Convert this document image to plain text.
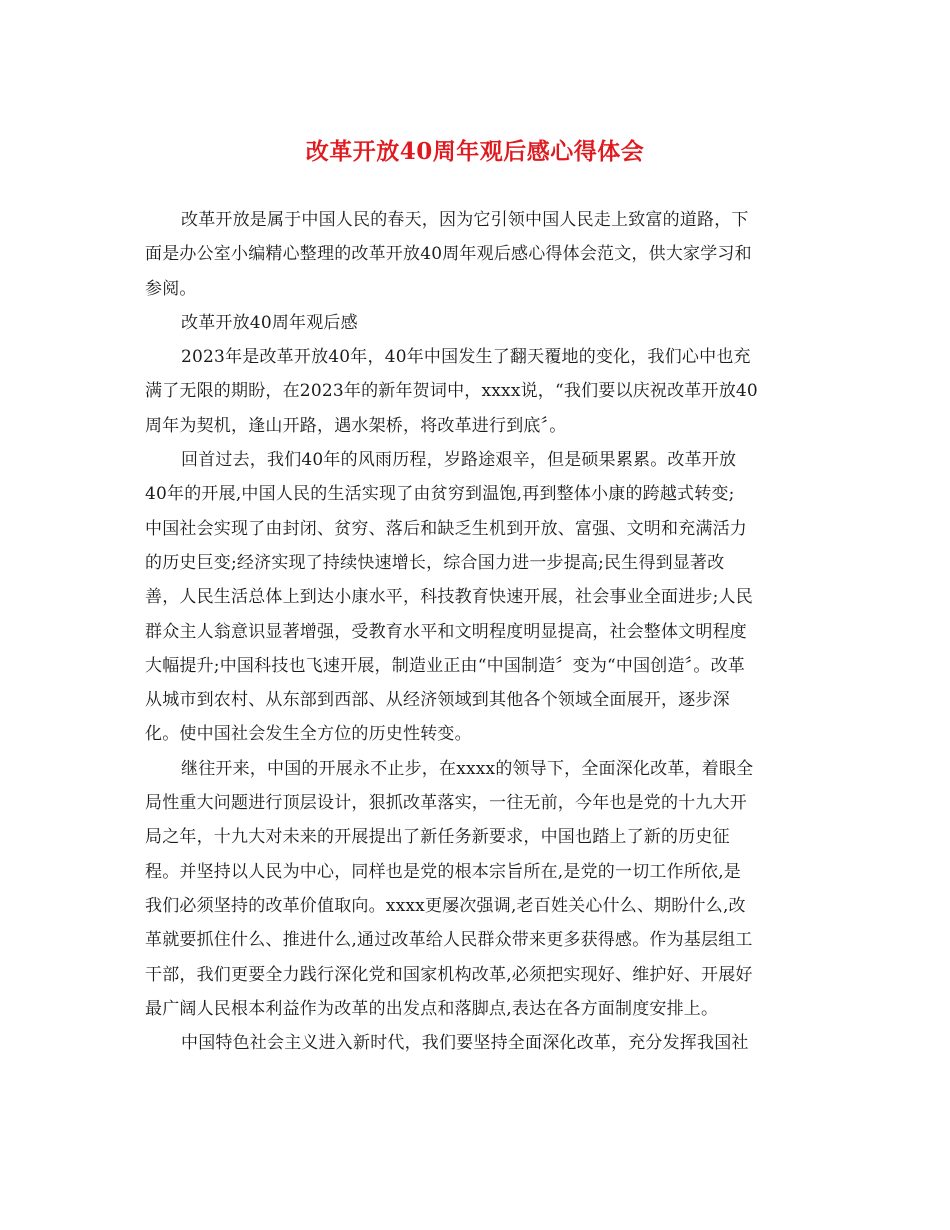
改革开放40周年观后感心得体会

改革开放是属于中国人民的春天，因为它引领中国人民走上致富的道路，下
面是办公室小编精心整理的改革开放40周年观后感心得体会范文，供大家学习和
参阅。

改革开放40周年观后感

2023年是改革开放40年，40年中国发生了翻天覆地的变化，我们心中也充
满了无限的期盼，在2023年的新年贺词中，xxxx说，“我们要以庆祝改革开放40
周年为契机，逢山开路，遇水架桥，将改革进行到底〞。

回首过去，我们40年的风雨历程，岁路途艰辛，但是硕果累累。改革开放
40年的开展,中国人民的生活实现了由贫穷到温饱,再到整体小康的跨越式转变;
中国社会实现了由封闭、贫穷、落后和缺乏生机到开放、富强、文明和充满活力
的历史巨变;经济实现了持续快速增长，综合国力进一步提高;民生得到显著改
善，人民生活总体上到达小康水平，科技教育快速开展，社会事业全面进步;人民
群众主人翁意识显著增强，受教育水平和文明程度明显提高，社会整体文明程度
大幅提升;中国科技也飞速开展，制造业正由“中国制造〞变为“中国创造〞。改革
从城市到农村、从东部到西部、从经济领域到其他各个领域全面展开，逐步深
化。使中国社会发生全方位的历史性转变。

继往开来，中国的开展永不止步，在xxxx的领导下，全面深化改革，着眼全
局性重大问题进行顶层设计，狠抓改革落实，一往无前，今年也是党的十九大开
局之年，十九大对未来的开展提出了新任务新要求，中国也踏上了新的历史征
程。并坚持以人民为中心，同样也是党的根本宗旨所在,是党的一切工作所依,是
我们必须坚持的改革价值取向。xxxx更屡次强调,老百姓关心什么、期盼什么,改
革就要抓住什么、推进什么,通过改革给人民群众带来更多获得感。作为基层组工
干部，我们更要全力践行深化党和国家机构改革,必须把实现好、维护好、开展好
最广阔人民根本利益作为改革的出发点和落脚点,表达在各方面制度安排上。

中国特色社会主义进入新时代，我们要坚持全面深化改革，充分发挥我国社
